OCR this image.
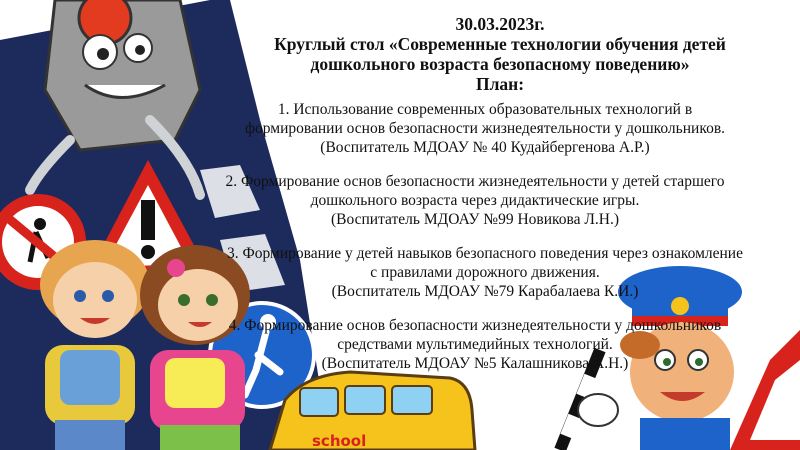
school
30.03.2023г.
Круглый стол «Современные технологии обучения детей
дошкольного возраста безопасному поведению»
План:

1. Использование современных образовательных технологий в

формировании основ безопасности жизнедеятельности у дошкольников.

(Воспитатель МДОАУ № 40 Кудайбергенова А.Р.)

2. Формирование основ безопасности жизнедеятельности у детей старшего

дошкольного возраста через дидактические игры.

(Воспитатель МДОАУ №99 Новикова Л.Н.)

3. Формирование у детей навыков безопасного поведения через ознакомление

с правилами дорожного движения.

(Воспитатель МДОАУ №79 Карабалаева К.И.)

4. Формирование основ безопасности жизнедеятельности у дошкольников

средствами мультимедийных технологий.

(Воспитатель МДОАУ №5 Калашникова А.Н.)
